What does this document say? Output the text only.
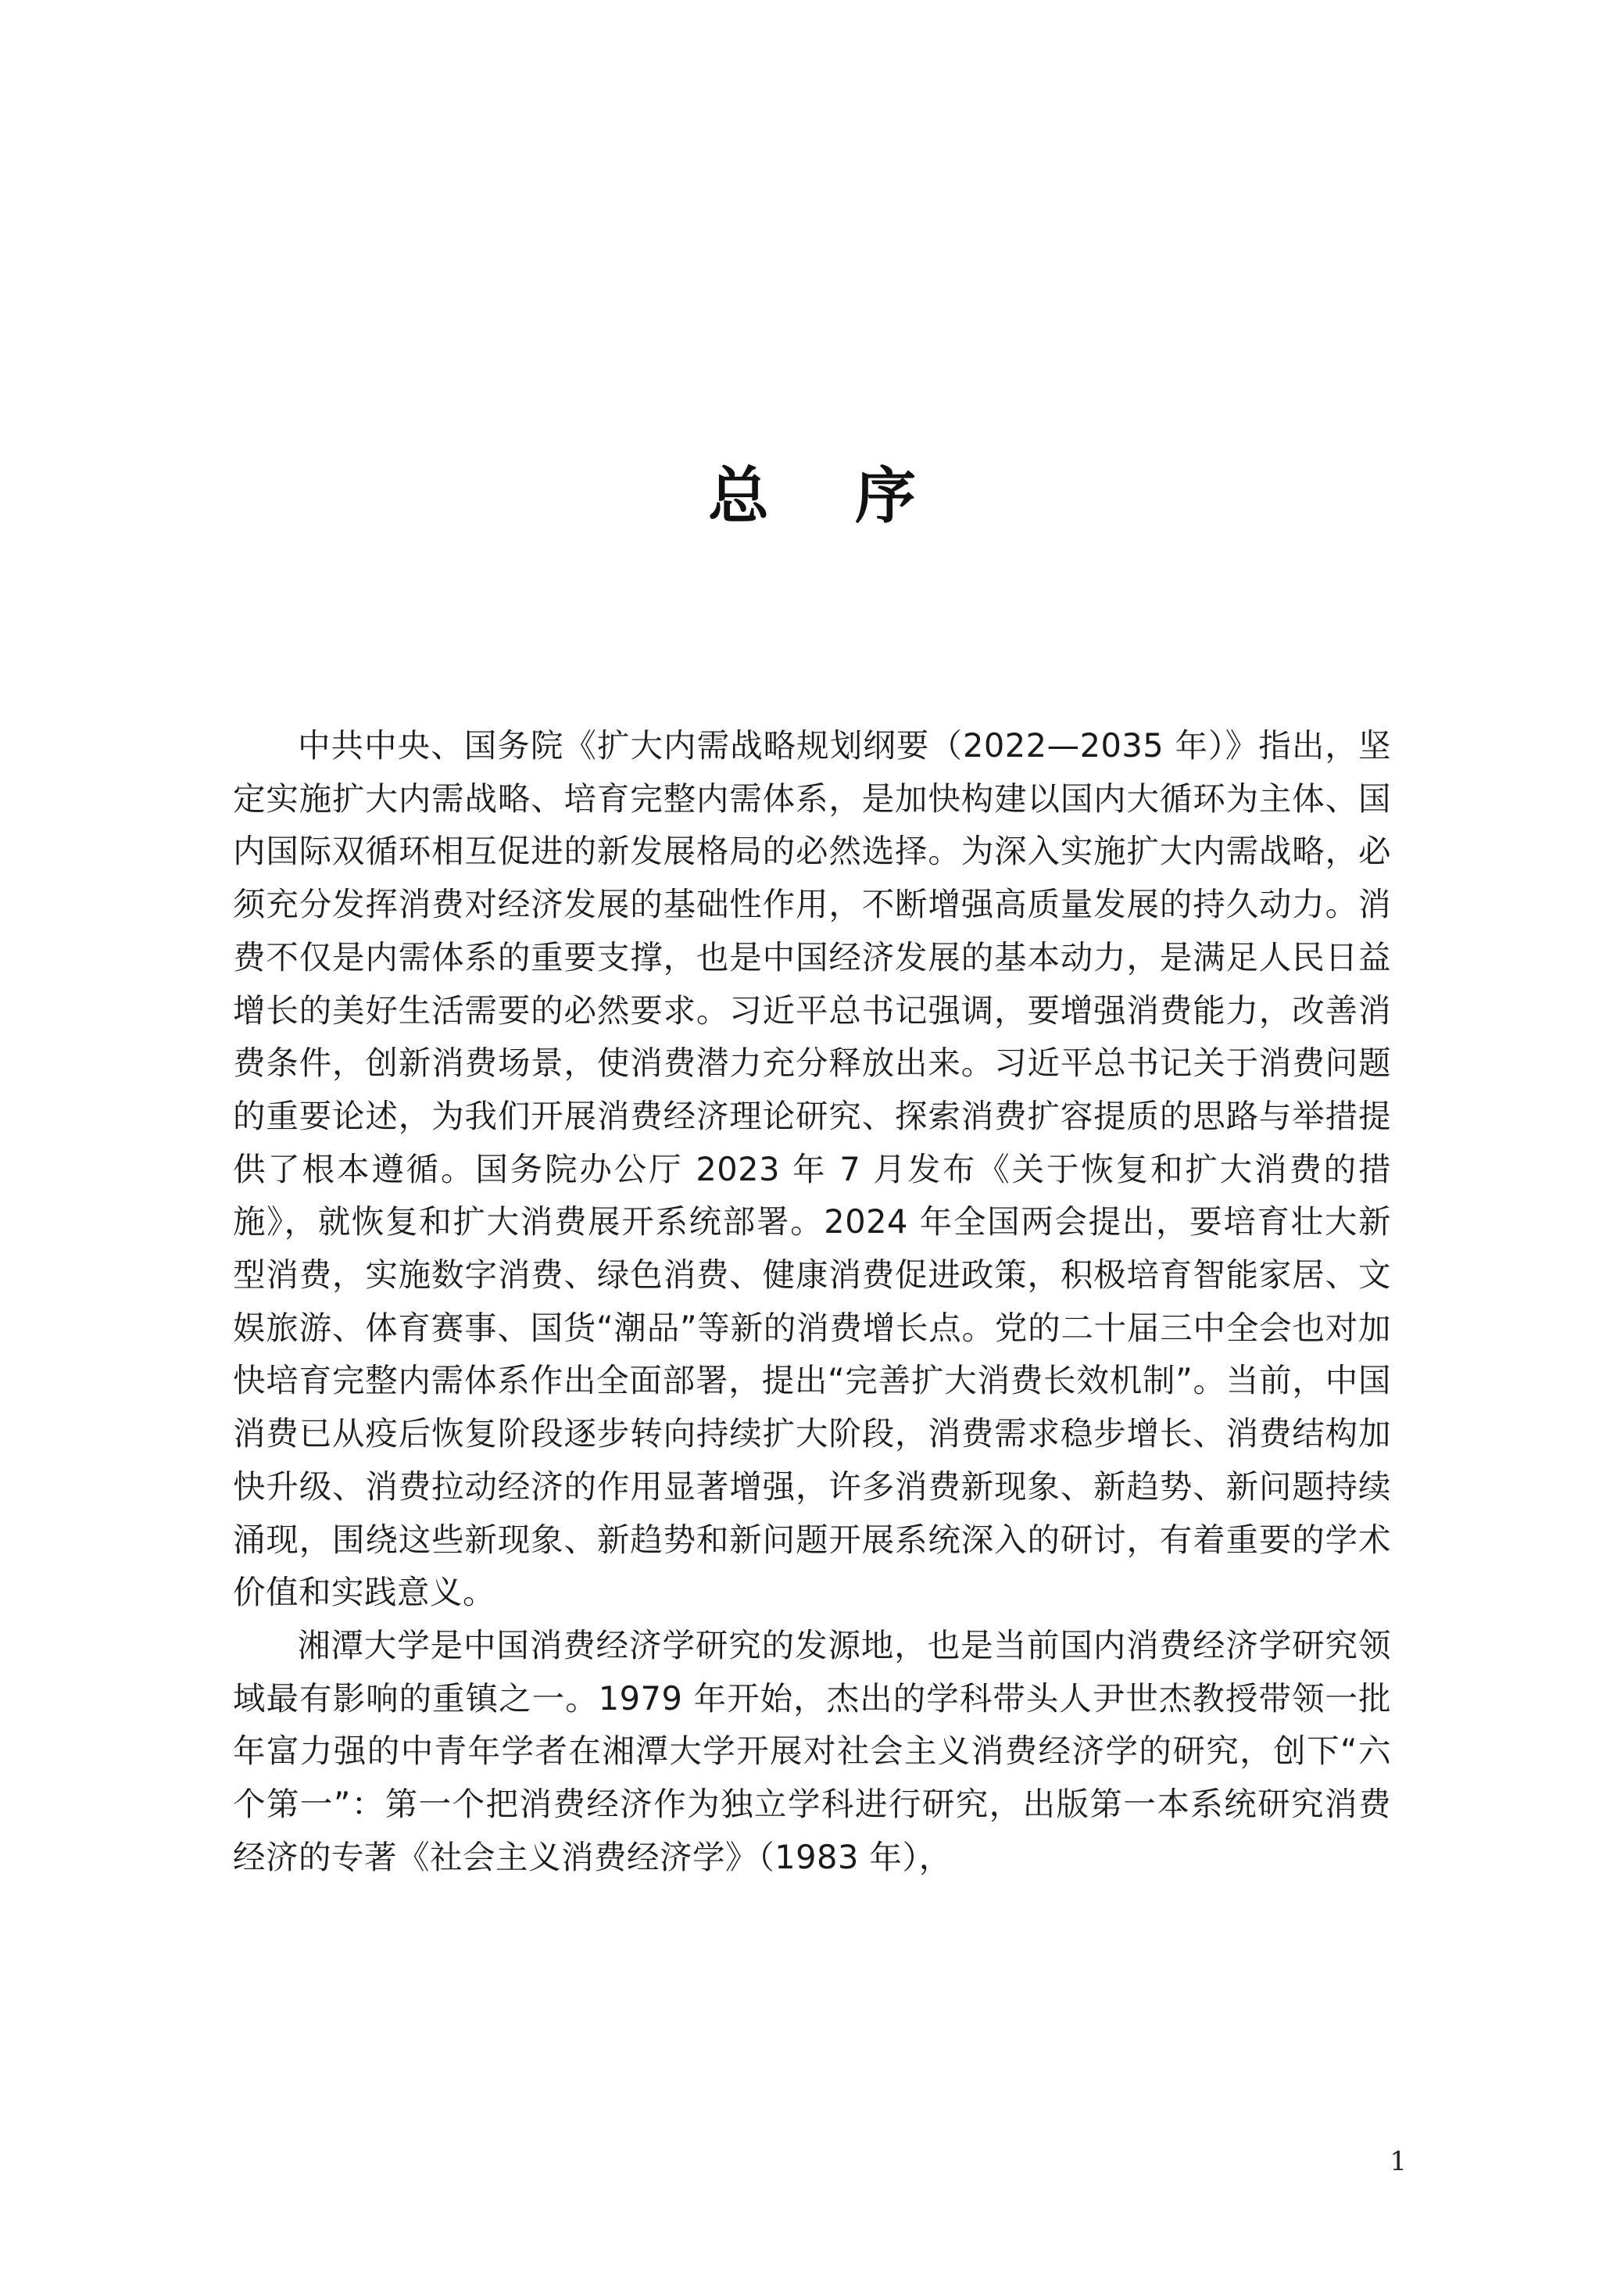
总序

中共中央、国务院《扩大内需战略规划纲要（2022—2035 年）》指出，坚定实施扩大内需战略、培育完整内需体系，是加快构建以国内大循环为主体、国内国际双循环相互促进的新发展格局的必然选择。为深入实施扩大内需战略，必须充分发挥消费对经济发展的基础性作用，不断增强高质量发展的持久动力。消费不仅是内需体系的重要支撑，也是中国经济发展的基本动力，是满足人民日益增长的美好生活需要的必然要求。习近平总书记强调，要增强消费能力，改善消费条件，创新消费场景，使消费潜力充分释放出来。习近平总书记关于消费问题的重要论述，为我们开展消费经济理论研究、探索消费扩容提质的思路与举措提供了根本遵循。国务院办公厅 2023 年 7 月发布《关于恢复和扩大消费的措施》，就恢复和扩大消费展开系统部署。2024 年全国两会提出，要培育壮大新型消费，实施数字消费、绿色消费、健康消费促进政策，积极培育智能家居、文娱旅游、体育赛事、国货“潮品”等新的消费增长点。党的二十届三中全会也对加快培育完整内需体系作出全面部署，提出“完善扩大消费长效机制”。当前，中国消费已从疫后恢复阶段逐步转向持续扩大阶段，消费需求稳步增长、消费结构加快升级、消费拉动经济的作用显著增强，许多消费新现象、新趋势、新问题持续涌现，围绕这些新现象、新趋势和新问题开展系统深入的研讨，有着重要的学术价值和实践意义。

湘潭大学是中国消费经济学研究的发源地，也是当前国内消费经济学研究领域最有影响的重镇之一。1979 年开始，杰出的学科带头人尹世杰教授带领一批年富力强的中青年学者在湘潭大学开展对社会主义消费经济学的研究，创下“六个第一”：第一个把消费经济作为独立学科进行研究，出版第一本系统研究消费经济的专著《社会主义消费经济学》（1983 年），

1
